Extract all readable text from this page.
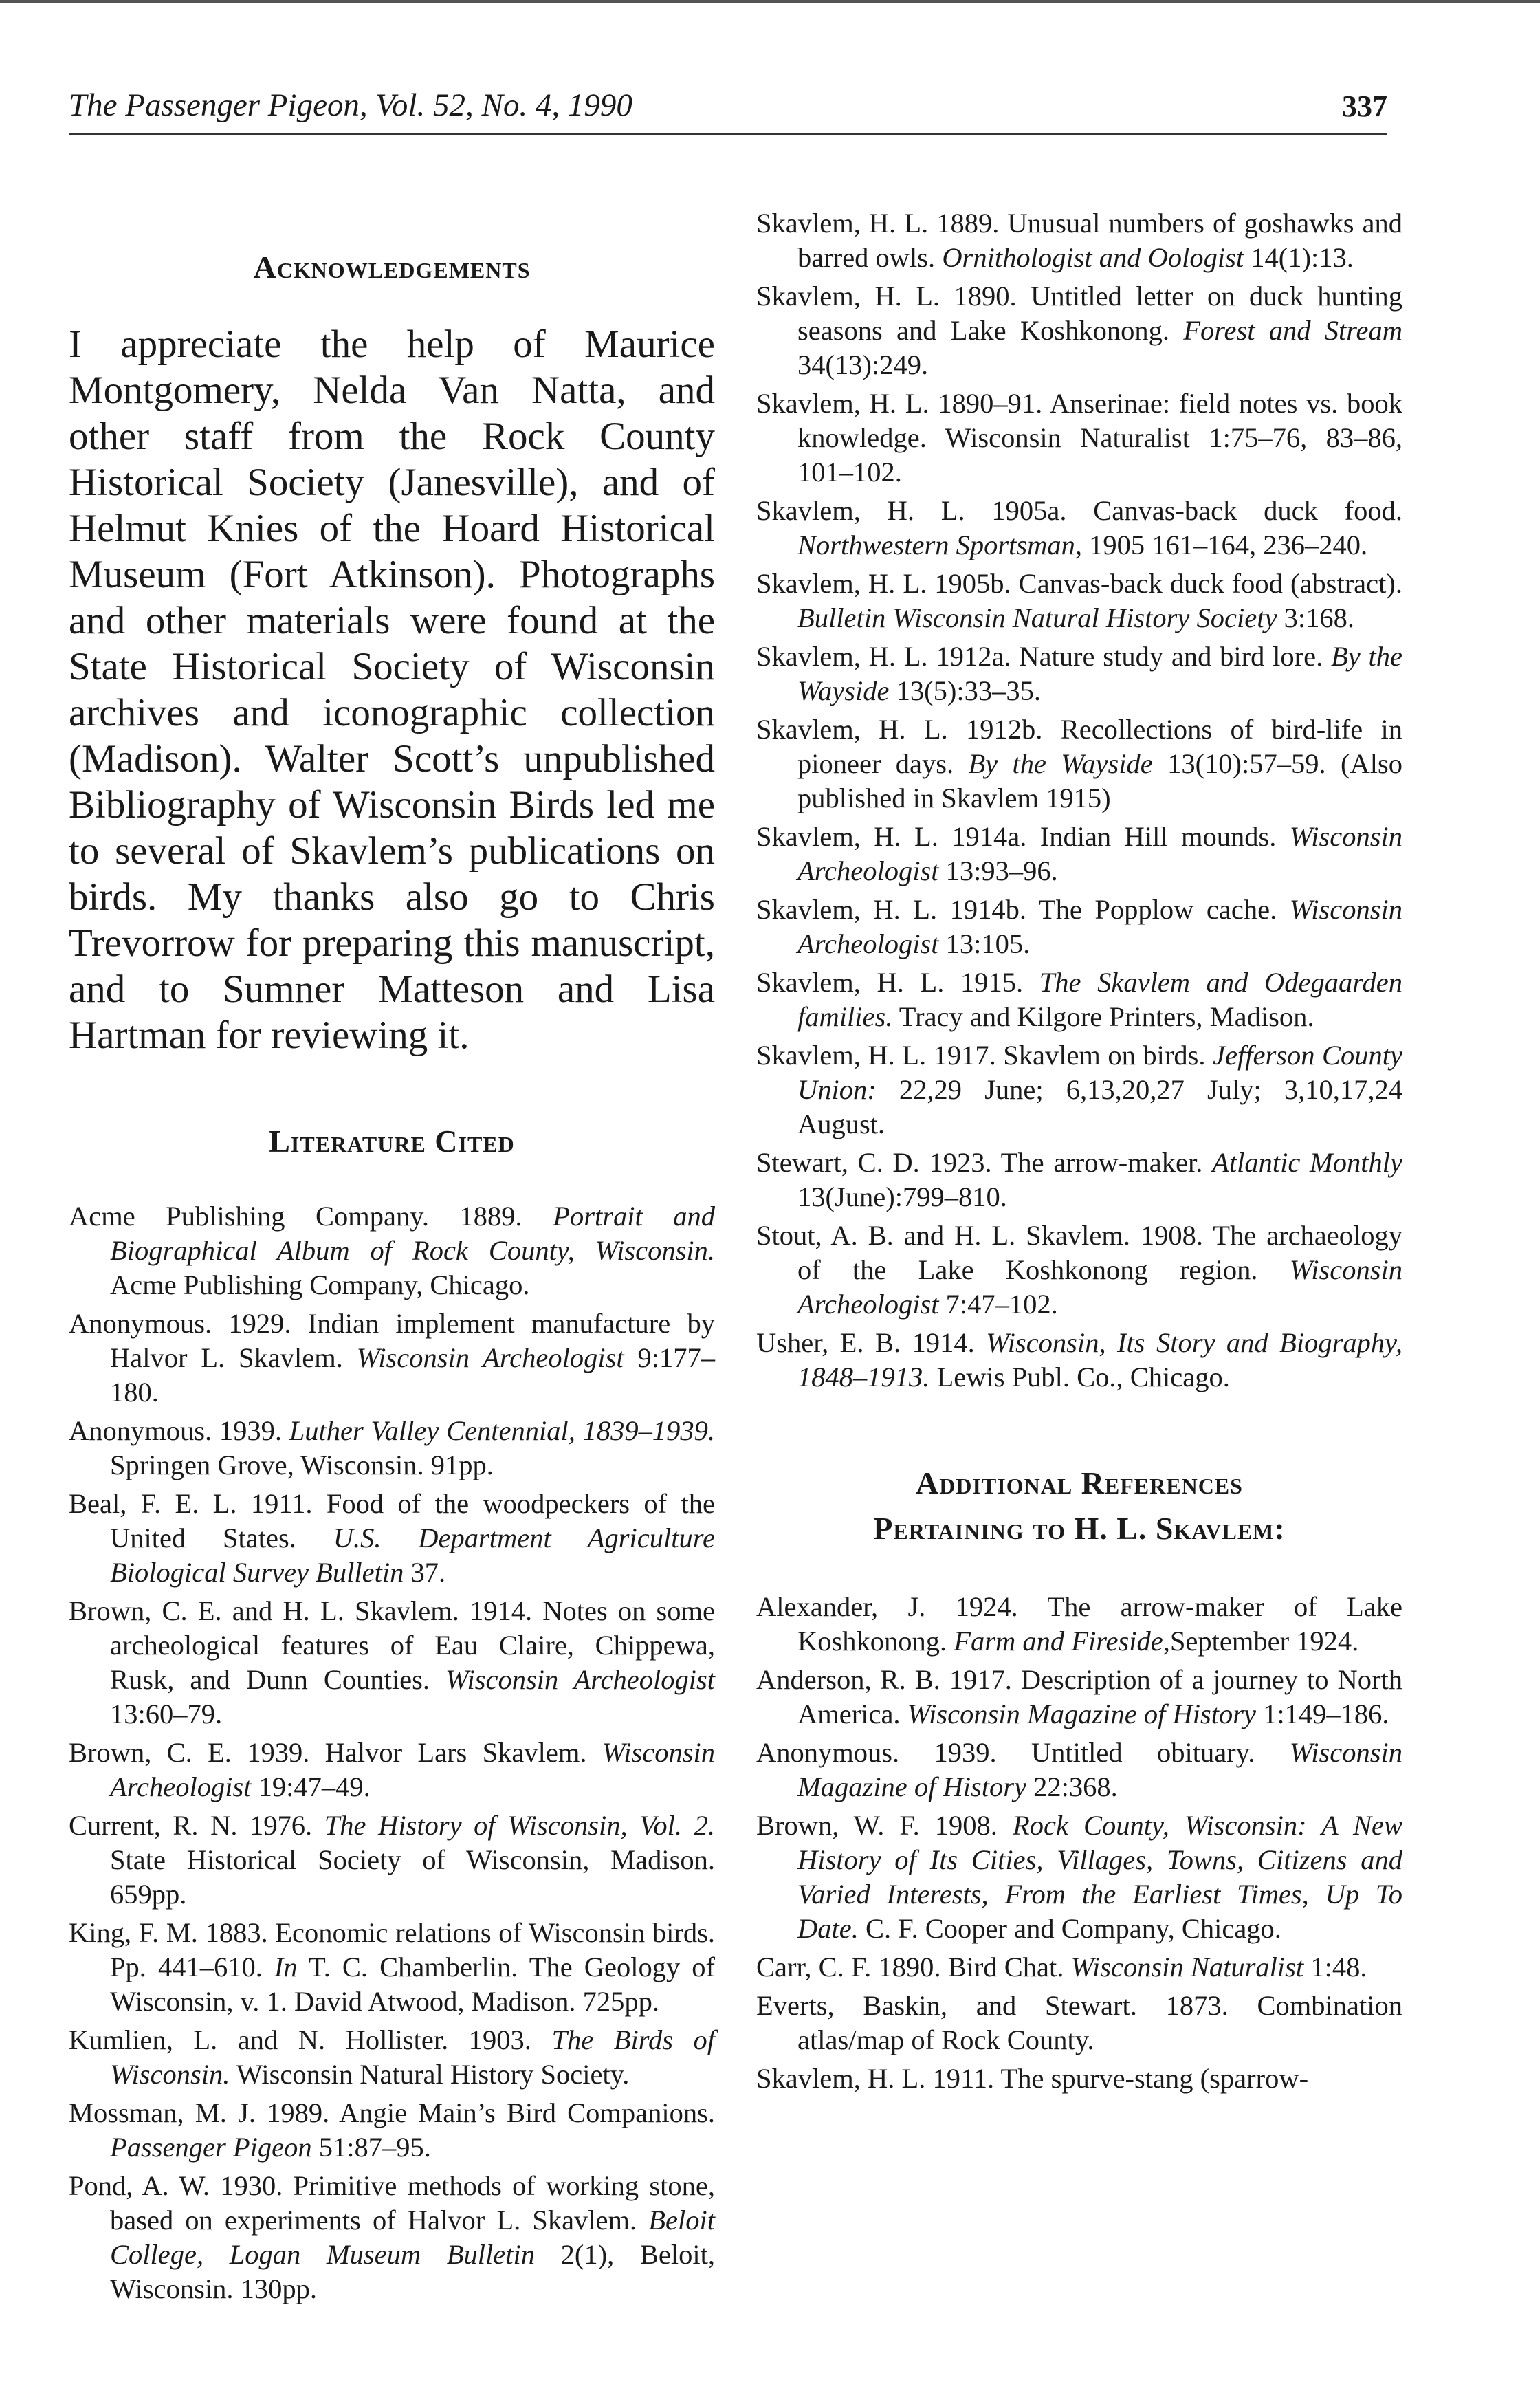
The Passenger Pigeon, Vol. 52, No. 4, 1990	337
Acknowledgements

I appreciate the help of Maurice Montgomery, Nelda Van Natta, and other staff from the Rock County Historical Society (Janesville), and of Helmut Knies of the Hoard Historical Museum (Fort Atkinson). Photographs and other materials were found at the State Historical Society of Wisconsin archives and iconographic collection (Madison). Walter Scott’s unpublished Bibliography of Wisconsin Birds led me to several of Skavlem’s publications on birds. My thanks also go to Chris Trevorrow for preparing this manuscript, and to Sumner Matteson and Lisa Hartman for reviewing it.

Literature Cited
Acme Publishing Company. 1889. Portrait and Biographical Album of Rock County, Wisconsin. Acme Publishing Company, Chicago.
Anonymous. 1929. Indian implement manufacture by Halvor L. Skavlem. Wisconsin Archeologist 9:177–180.
Anonymous. 1939. Luther Valley Centennial, 1839–1939. Springen Grove, Wisconsin. 91pp.
Beal, F. E. L. 1911. Food of the woodpeckers of the United States. U.S. Department Agriculture Biological Survey Bulletin 37.
Brown, C. E. and H. L. Skavlem. 1914. Notes on some archeological features of Eau Claire, Chippewa, Rusk, and Dunn Counties. Wisconsin Archeologist 13:60–79.
Brown, C. E. 1939. Halvor Lars Skavlem. Wisconsin Archeologist 19:47–49.
Current, R. N. 1976. The History of Wisconsin, Vol. 2. State Historical Society of Wisconsin, Madison. 659pp.
King, F. M. 1883. Economic relations of Wisconsin birds. Pp. 441–610. In T. C. Chamberlin. The Geology of Wisconsin, v. 1. David Atwood, Madison. 725pp.
Kumlien, L. and N. Hollister. 1903. The Birds of Wisconsin. Wisconsin Natural History Society.
Mossman, M. J. 1989. Angie Main’s Bird Companions. Passenger Pigeon 51:87–95.
Pond, A. W. 1930. Primitive methods of working stone, based on experiments of Halvor L. Skavlem. Beloit College, Logan Museum Bulletin 2(1), Beloit, Wisconsin. 130pp.
Skavlem, H. L. 1889. Unusual numbers of goshawks and barred owls. Ornithologist and Oologist 14(1):13.
Skavlem, H. L. 1890. Untitled letter on duck hunting seasons and Lake Koshkonong. Forest and Stream 34(13):249.
Skavlem, H. L. 1890–91. Anserinae: field notes vs. book knowledge. Wisconsin Naturalist 1:75–76, 83–86, 101–102.
Skavlem, H. L. 1905a. Canvas-back duck food. Northwestern Sportsman, 1905 161–164, 236–240.
Skavlem, H. L. 1905b. Canvas-back duck food (abstract). Bulletin Wisconsin Natural History Society 3:168.
Skavlem, H. L. 1912a. Nature study and bird lore. By the Wayside 13(5):33–35.
Skavlem, H. L. 1912b. Recollections of bird-life in pioneer days. By the Wayside 13(10):57–59. (Also published in Skavlem 1915)
Skavlem, H. L. 1914a. Indian Hill mounds. Wisconsin Archeologist 13:93–96.
Skavlem, H. L. 1914b. The Popplow cache. Wisconsin Archeologist 13:105.
Skavlem, H. L. 1915. The Skavlem and Odegaarden families. Tracy and Kilgore Printers, Madison.
Skavlem, H. L. 1917. Skavlem on birds. Jefferson County Union: 22,29 June; 6,13,20,27 July; 3,10,17,24 August.
Stewart, C. D. 1923. The arrow-maker. Atlantic Monthly 13(June):799–810.
Stout, A. B. and H. L. Skavlem. 1908. The archaeology of the Lake Koshkonong region. Wisconsin Archeologist 7:47–102.
Usher, E. B. 1914. Wisconsin, Its Story and Biography, 1848–1913. Lewis Publ. Co., Chicago.
Additional References
Pertaining to H. L. Skavlem:
Alexander, J. 1924. The arrow-maker of Lake Koshkonong. Farm and Fireside,September 1924.
Anderson, R. B. 1917. Description of a journey to North America. Wisconsin Magazine of History 1:149–186.
Anonymous. 1939. Untitled obituary. Wisconsin Magazine of History 22:368.
Brown, W. F. 1908. Rock County, Wisconsin: A New History of Its Cities, Villages, Towns, Citizens and Varied Interests, From the Earliest Times, Up To Date. C. F. Cooper and Company, Chicago.
Carr, C. F. 1890. Bird Chat. Wisconsin Naturalist 1:48.
Everts, Baskin, and Stewart. 1873. Combination atlas/map of Rock County.
Skavlem, H. L. 1911. The spurve-stang (sparrow-
